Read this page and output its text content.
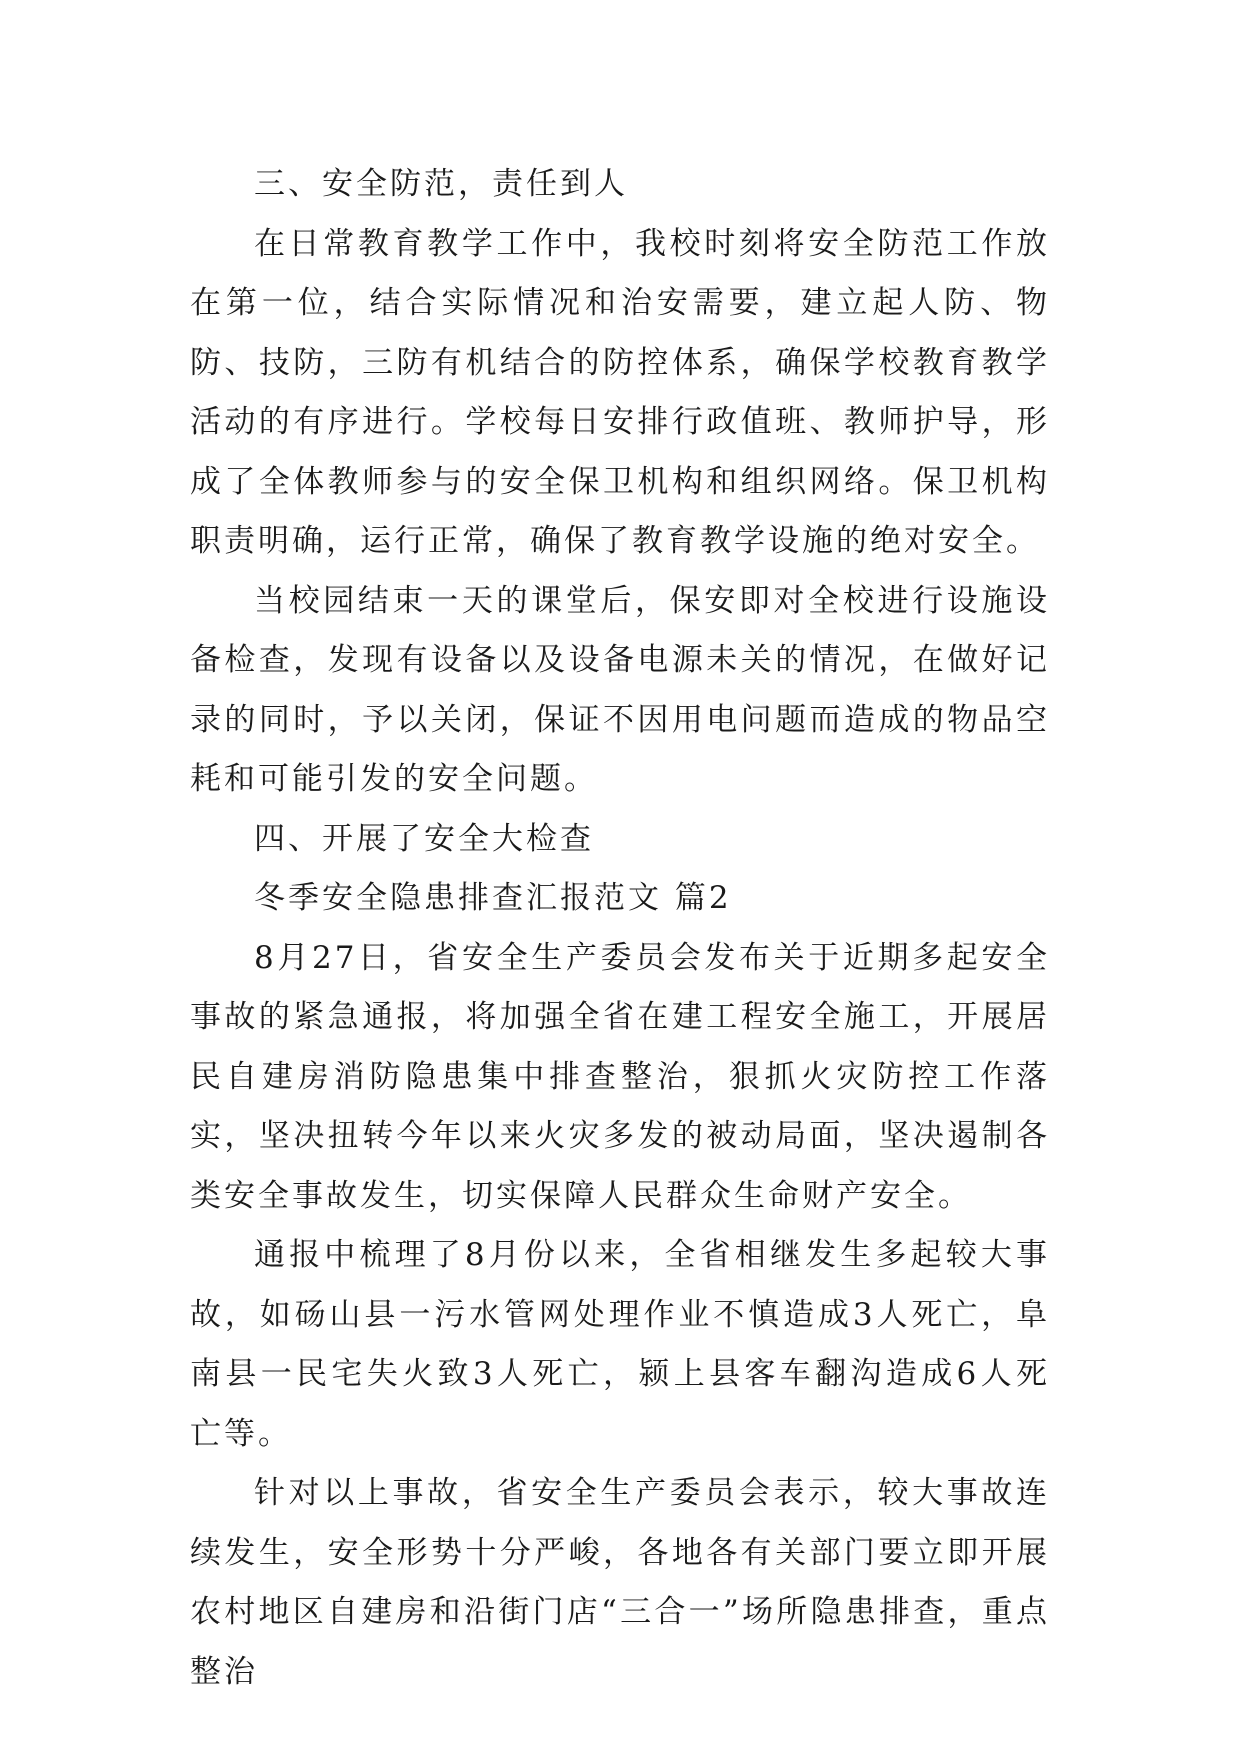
三、安全防范，责任到人

在日常教育教学工作中，我校时刻将安全防范工作放在第一位，结合实际情况和治安需要，建立起人防、物防、技防，三防有机结合的防控体系，确保学校教育教学活动的有序进行。学校每日安排行政值班、教师护导，形成了全体教师参与的安全保卫机构和组织网络。保卫机构职责明确，运行正常，确保了教育教学设施的绝对安全。

当校园结束一天的课堂后，保安即对全校进行设施设备检查，发现有设备以及设备电源未关的情况，在做好记录的同时，予以关闭，保证不因用电问题而造成的物品空耗和可能引发的安全问题。

四、开展了安全大检查

冬季安全隐患排查汇报范文 篇2

8月27日，省安全生产委员会发布关于近期多起安全事故的紧急通报，将加强全省在建工程安全施工，开展居民自建房消防隐患集中排查整治，狠抓火灾防控工作落实，坚决扭转今年以来火灾多发的被动局面，坚决遏制各类安全事故发生，切实保障人民群众生命财产安全。

通报中梳理了8月份以来，全省相继发生多起较大事故，如砀山县一污水管网处理作业不慎造成3人死亡，阜南县一民宅失火致3人死亡，颍上县客车翻沟造成6人死亡等。

针对以上事故，省安全生产委员会表示，较大事故连续发生，安全形势十分严峻，各地各有关部门要立即开展农村地区自建房和沿街门店“三合一”场所隐患排查，重点整治
